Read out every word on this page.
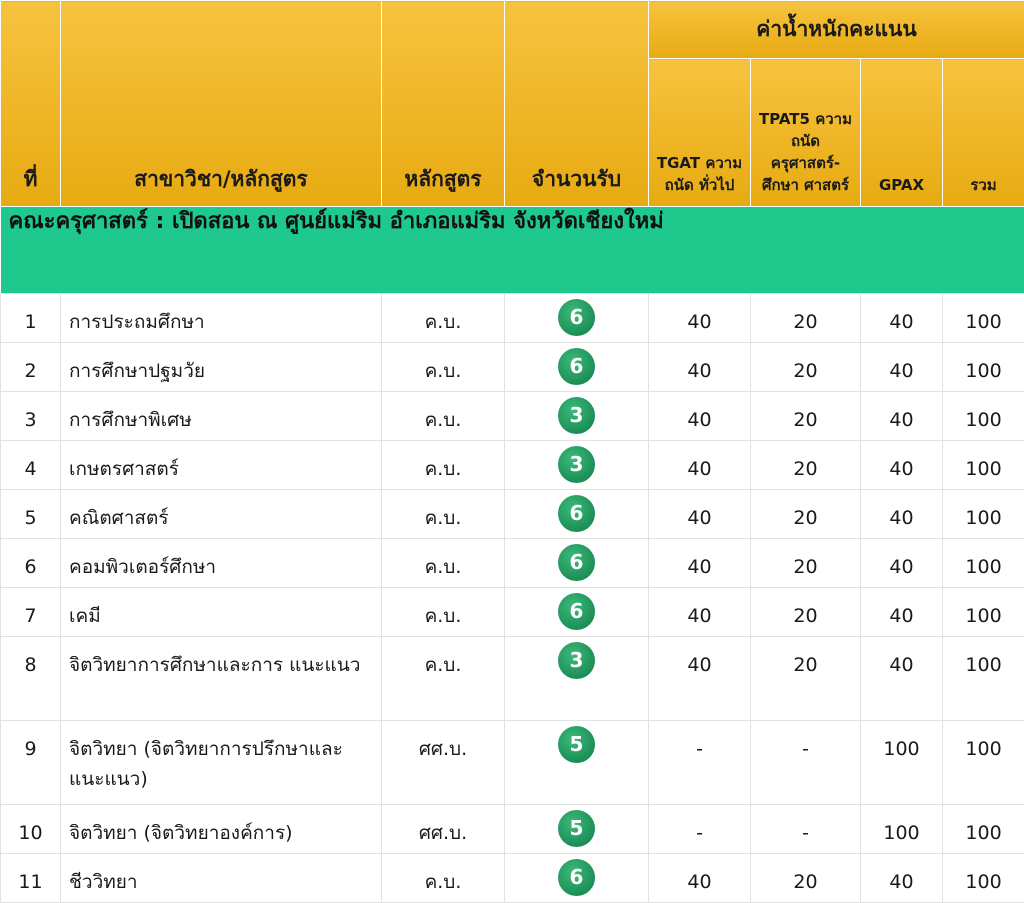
ที่	สาขาวิชา/หลักสูตร	หลักสูตร	จำนวนรับ	ค่าน้ำหนักคะแนน			
				TGAT ความ ถนัด ทั่วไป	TPAT5 ความถนัด ครุศาสตร์- ศึกษา ศาสตร์	GPAX	รวม
คณะครุศาสตร์ : เปิดสอน ณ ศูนย์แม่ริม อำเภอแม่ริม จังหวัดเชียงใหม่							
1	การประถมศึกษา	ค.บ.	6	40	20	40	100
2	การศึกษาปฐมวัย	ค.บ.	6	40	20	40	100
3	การศึกษาพิเศษ	ค.บ.	3	40	20	40	100
4	เกษตรศาสตร์	ค.บ.	3	40	20	40	100
5	คณิตศาสตร์	ค.บ.	6	40	20	40	100
6	คอมพิวเตอร์ศึกษา	ค.บ.	6	40	20	40	100
7	เคมี	ค.บ.	6	40	20	40	100
8	จิตวิทยาการศึกษาและการ แนะแนว	ค.บ.	3	40	20	40	100
9	จิตวิทยา (จิตวิทยาการปรึกษาและ แนะแนว)	ศศ.บ.	5	-	-	100	100
10	จิตวิทยา (จิตวิทยาองค์การ)	ศศ.บ.	5	-	-	100	100
11	ชีววิทยา	ค.บ.	6	40	20	40	100
